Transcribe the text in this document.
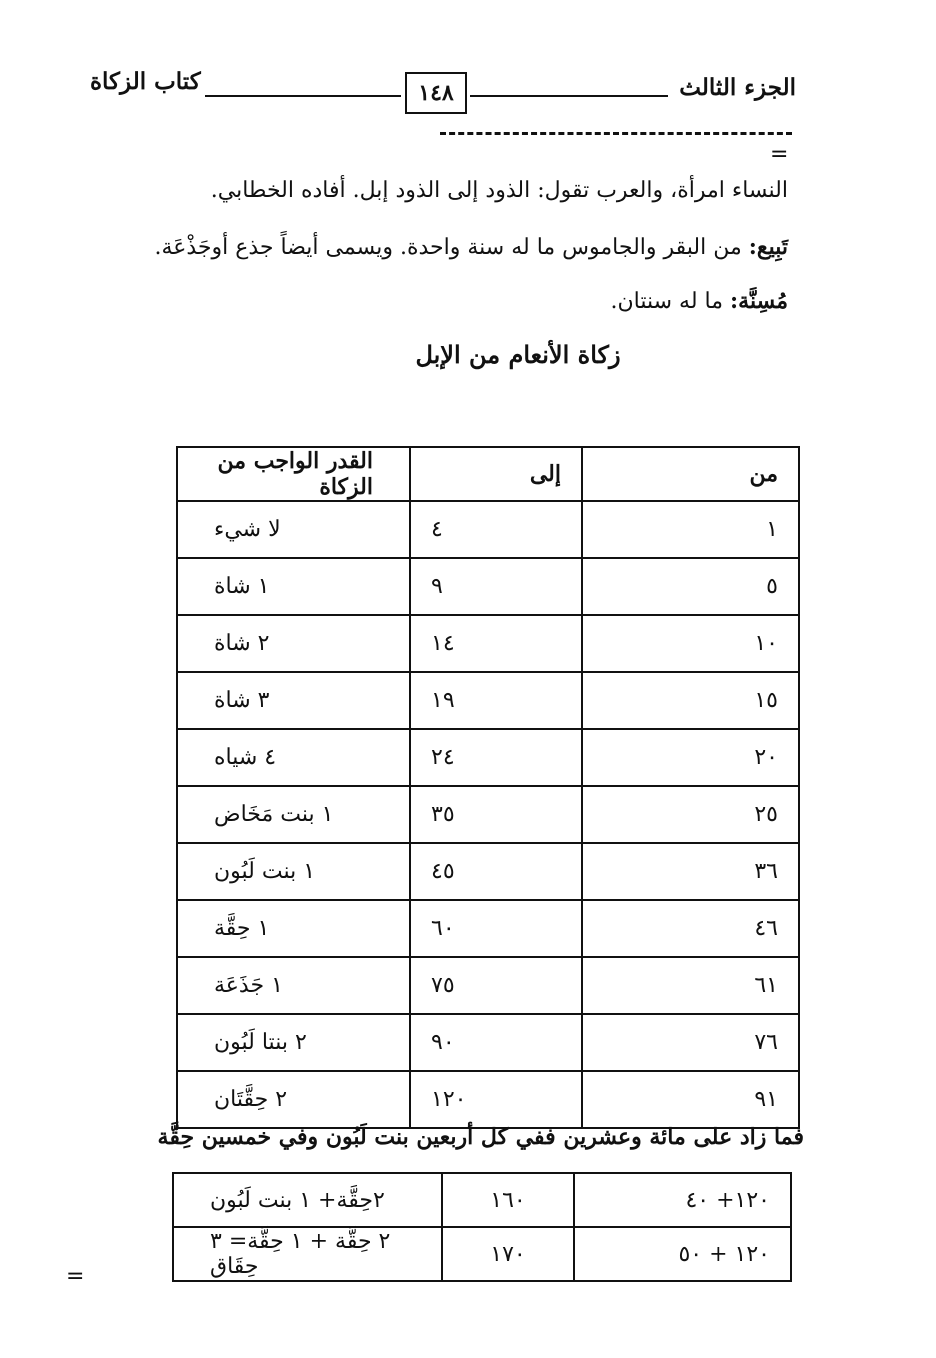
الجزء الثالث
١٤٨
كتاب الزكاة
=
النساء امرأة، والعرب تقول: الذود إلى الذود إبل. أفاده الخطابي.
تَبِيع: من البقر والجاموس ما له سنة واحدة. ويسمى أيضاً جذع أوجَذْعَة.
مُسِنَّة: ما له سنتان.
زكاة الأنعام من الإبل
من	إلى	القدر الواجب من الزكاة
١	٤	لا شيء
٥	٩	١ شاة
١٠	١٤	٢ شاة
١٥	١٩	٣ شاة
٢٠	٢٤	٤ شياه
٢٥	٣٥	١ بنت مَخَاض
٣٦	٤٥	١ بنت لَبُون
٤٦	٦٠	١ حِقَّة
٦١	٧٥	١ جَذَعَة
٧٦	٩٠	٢ بنتا لَبُون
٩١	١٢٠	٢ حِقَّتَان
فما زاد على مائة وعشرين ففي كل أربعين بنت لَبُون وفي خمسين حِقَّة
١٢٠+ ٤٠	١٦٠	٢حِقَّة+ ١ بنت لَبُون
١٢٠ + ٥٠	١٧٠	٢ حِقَّة + ١ حِقَّة= ٣ حِقَاق
=
